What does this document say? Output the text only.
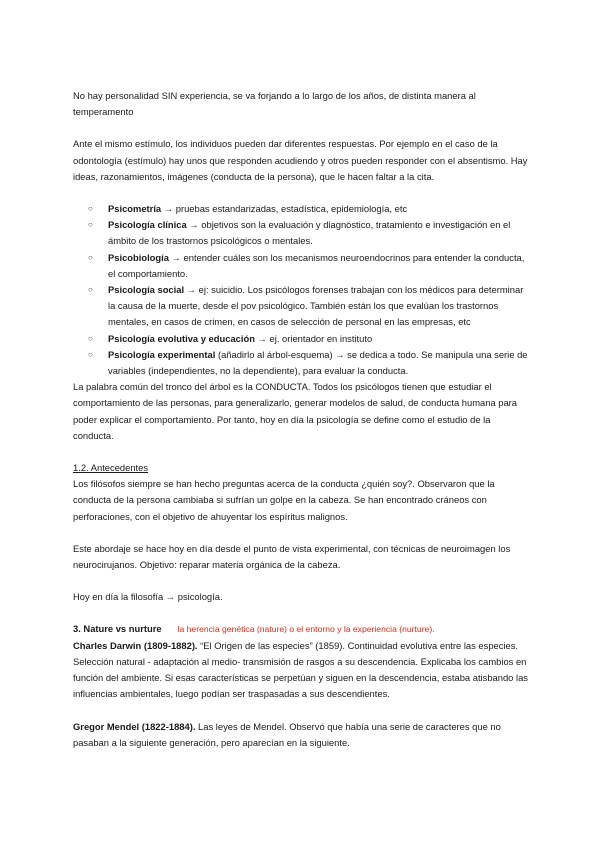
No hay personalidad SIN experiencia, se va forjando a lo largo de los años, de distinta manera al temperamento

Ante el mismo estímulo, los individuos pueden dar diferentes respuestas. Por ejemplo en el caso de la odontología (estímulo) hay unos que responden acudiendo y otros pueden responder con el absentismo. Hay ideas, razonamientos, imágenes (conducta de la persona), que le hacen faltar a la cita.

○	Psicometría → pruebas estandarizadas, estadística, epidemiología, etc
○	Psicología clínica → objetivos son la evaluación y diagnóstico, tratamiento e investigación en el ámbito de los trastornos psicológicos o mentales.
○	Psicobiología → entender cuáles son los mecanismos neuroendocrinos para entender la conducta, el comportamiento.
○	Psicología social → ej: suicidio. Los psicólogos forenses trabajan con los médicos para determinar la causa de la muerte, desde el pov psicológico. También están los que evalúan los trastornos mentales, en casos de crimen, en casos de selección de personal en las empresas, etc
○	Psicología evolutiva y educación → ej. orientador en instituto
○	Psicología experimental (añadirlo al árbol-esquema) → se dedica a todo. Se manipula una serie de variables (independientes, no la dependiente), para evaluar la conducta.

La palabra común del tronco del árbol es la CONDUCTA. Todos los psicólogos tienen que estudiar el comportamiento de las personas, para generalizarlo, generar modelos de salud, de conducta humana para poder explicar el comportamiento. Por tanto, hoy en día la psicología se define como el estudio de la conducta.

1.2. Antecedentes

Los filósofos siempre se han hecho preguntas acerca de la conducta ¿quién soy?. Observaron que la conducta de la persona cambiaba si sufrían un golpe en la cabeza. Se han encontrado cráneos con perforaciones, con el objetivo de ahuyentar los espíritus malignos.

Este abordaje se hace hoy en día desde el punto de vista experimental, con técnicas de neuroimagen los neurocirujanos. Objetivo: reparar materia orgánica de la cabeza.

Hoy en día la filosofía → psicología.

3. Nature vs nurture la herencia genética (nature) o el entorno y la experiencia (nurture).

Charles Darwin (1809-1882). “El Origen de las especies” (1859). Continuidad evolutiva entre las especies. Selección natural - adaptación al medio- transmisión de rasgos a su descendencia. Explicaba los cambios en función del ambiente. Si esas características se perpetúan y siguen en la descendencia, estaba atisbando las influencias ambientales, luego podían ser traspasadas a sus descendientes.

Gregor Mendel (1822-1884). Las leyes de Mendel. Observó que había una serie de caracteres que no pasaban a la siguiente generación, pero aparecían en la siguiente.
